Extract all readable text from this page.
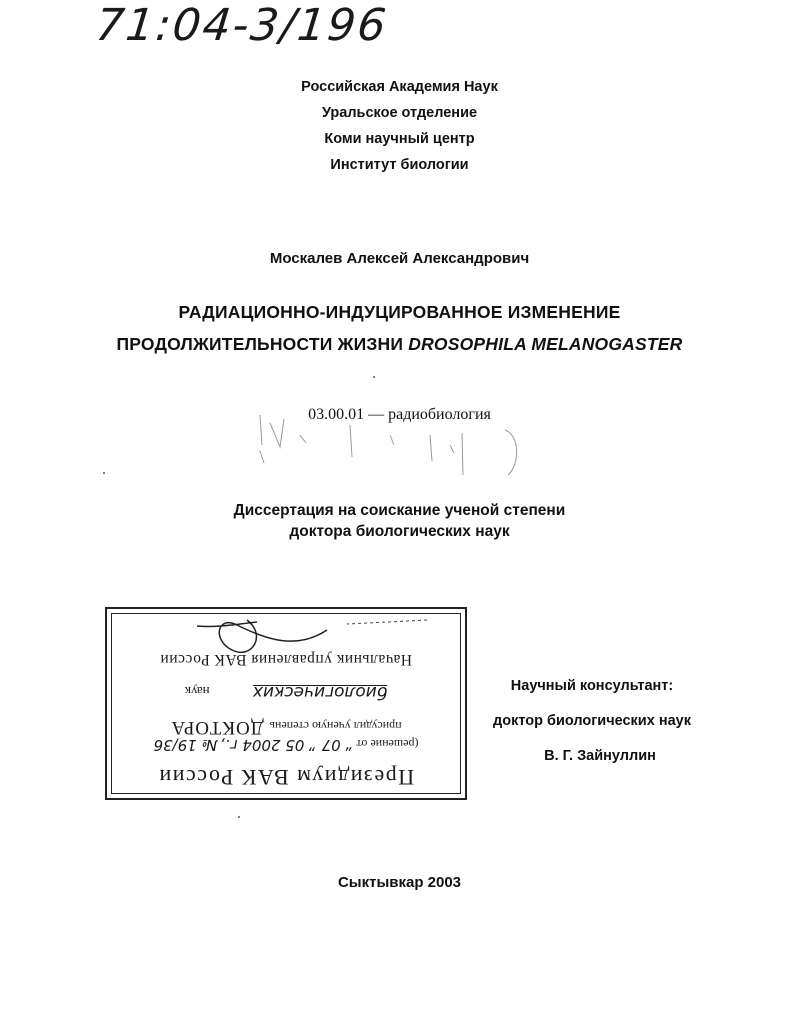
71:04-3/196
Российская Академия Наук
Уральское отделение
Коми научный центр
Институт биологии
Москалев Алексей Александрович
РАДИАЦИОННО-ИНДУЦИРОВАННОЕ ИЗМЕНЕНИЕ
ПРОДОЛЖИТЕЛЬНОСТИ ЖИЗНИ DROSOPHILA MELANOGASTER
03.00.01 — радиобиология
Диссертация на соискание ученой степени
доктора биологических наук
Президиум ВАК России
(решение от “ 07 ” 05 2004 г., № 19/36
присудил ученую степень ДОКТОРА
биологических наук
Начальник управления ВАК России
Научный консультант:
доктор биологических наук
В. Г. Зайнуллин
Сыктывкар 2003
